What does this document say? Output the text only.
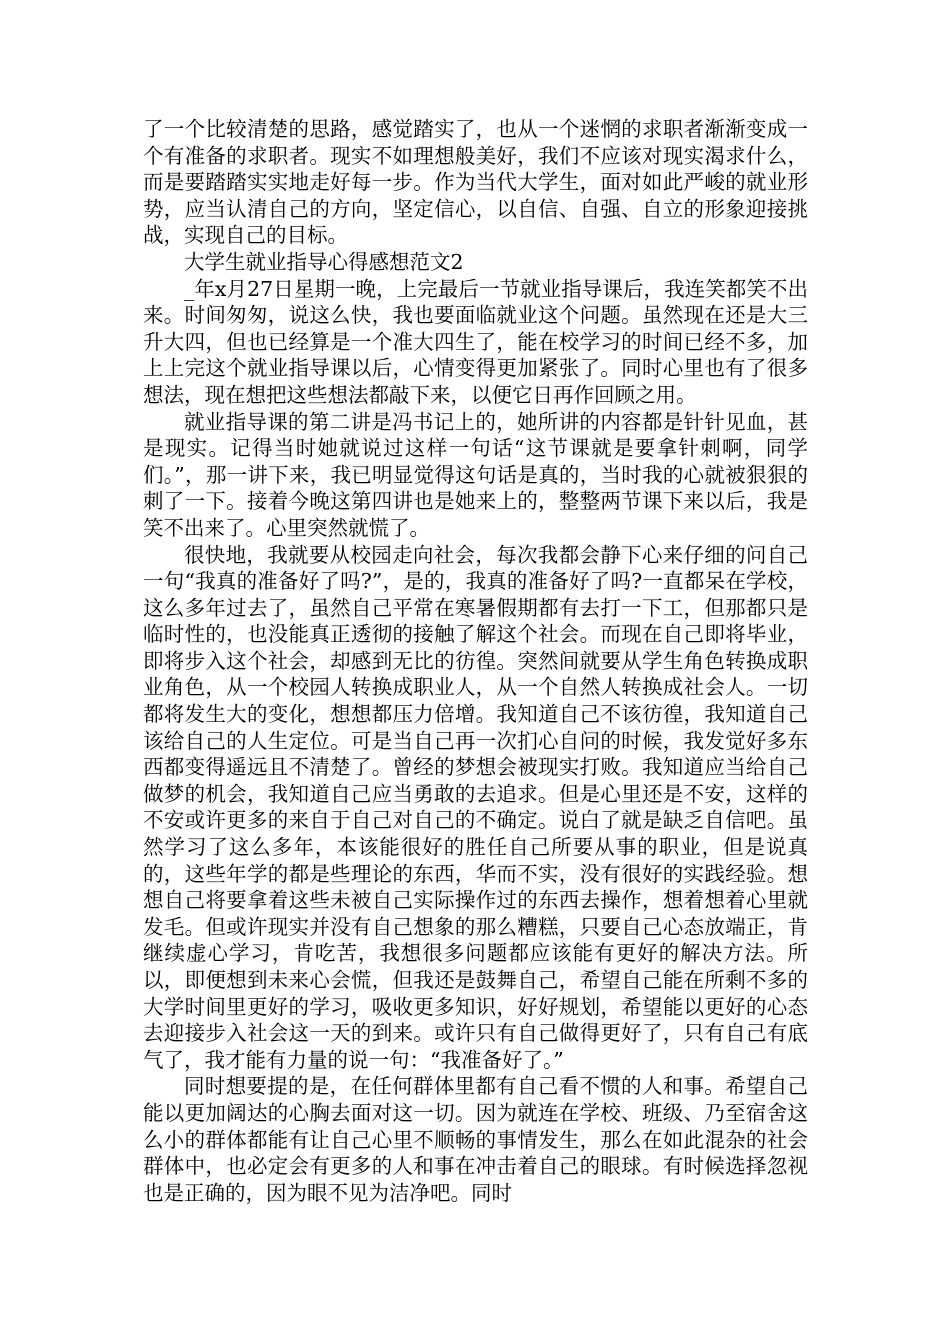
了一个比较清楚的思路，感觉踏实了，也从一个迷惘的求职者渐渐变成一个有准备的求职者。现实不如理想般美好，我们不应该对现实渴求什么，而是要踏踏实实地走好每一步。作为当代大学生，面对如此严峻的就业形势，应当认清自己的方向，坚定信心，以自信、自强、自立的形象迎接挑战，实现自己的目标。

大学生就业指导心得感想范文2

_年x月27日星期一晚，上完最后一节就业指导课后，我连笑都笑不出来。时间匆匆，说这么快，我也要面临就业这个问题。虽然现在还是大三升大四，但也已经算是一个准大四生了，能在校学习的时间已经不多，加上上完这个就业指导课以后，心情变得更加紧张了。同时心里也有了很多想法，现在想把这些想法都敲下来，以便它日再作回顾之用。

就业指导课的第二讲是冯书记上的，她所讲的内容都是针针见血，甚是现实。记得当时她就说过这样一句话“这节课就是要拿针刺啊，同学们。”，那一讲下来，我已明显觉得这句话是真的，当时我的心就被狠狠的刺了一下。接着今晚这第四讲也是她来上的，整整两节课下来以后，我是笑不出来了。心里突然就慌了。

很快地，我就要从校园走向社会，每次我都会静下心来仔细的问自己一句“我真的准备好了吗?”，是的，我真的准备好了吗?一直都呆在学校，这么多年过去了，虽然自己平常在寒暑假期都有去打一下工，但那都只是临时性的，也没能真正透彻的接触了解这个社会。而现在自己即将毕业，即将步入这个社会，却感到无比的彷徨。突然间就要从学生角色转换成职业角色，从一个校园人转换成职业人，从一个自然人转换成社会人。一切都将发生大的变化，想想都压力倍增。我知道自己不该彷徨，我知道自己该给自己的人生定位。可是当自己再一次扪心自问的时候，我发觉好多东西都变得遥远且不清楚了。曾经的梦想会被现实打败。我知道应当给自己做梦的机会，我知道自己应当勇敢的去追求。但是心里还是不安，这样的不安或许更多的来自于自己对自己的不确定。说白了就是缺乏自信吧。虽然学习了这么多年，本该能很好的胜任自己所要从事的职业，但是说真的，这些年学的都是些理论的东西，华而不实，没有很好的实践经验。想想自己将要拿着这些未被自己实际操作过的东西去操作，想着想着心里就发毛。但或许现实并没有自己想象的那么糟糕，只要自己心态放端正，肯继续虚心学习，肯吃苦，我想很多问题都应该能有更好的解决方法。所以，即便想到未来心会慌，但我还是鼓舞自己，希望自己能在所剩不多的大学时间里更好的学习，吸收更多知识，好好规划，希望能以更好的心态去迎接步入社会这一天的到来。或许只有自己做得更好了，只有自己有底气了，我才能有力量的说一句：“我准备好了。”

同时想要提的是，在任何群体里都有自己看不惯的人和事。希望自己能以更加阔达的心胸去面对这一切。因为就连在学校、班级、乃至宿舍这么小的群体都能有让自己心里不顺畅的事情发生，那么在如此混杂的社会群体中，也必定会有更多的人和事在冲击着自己的眼球。有时候选择忽视也是正确的，因为眼不见为洁净吧。同时
